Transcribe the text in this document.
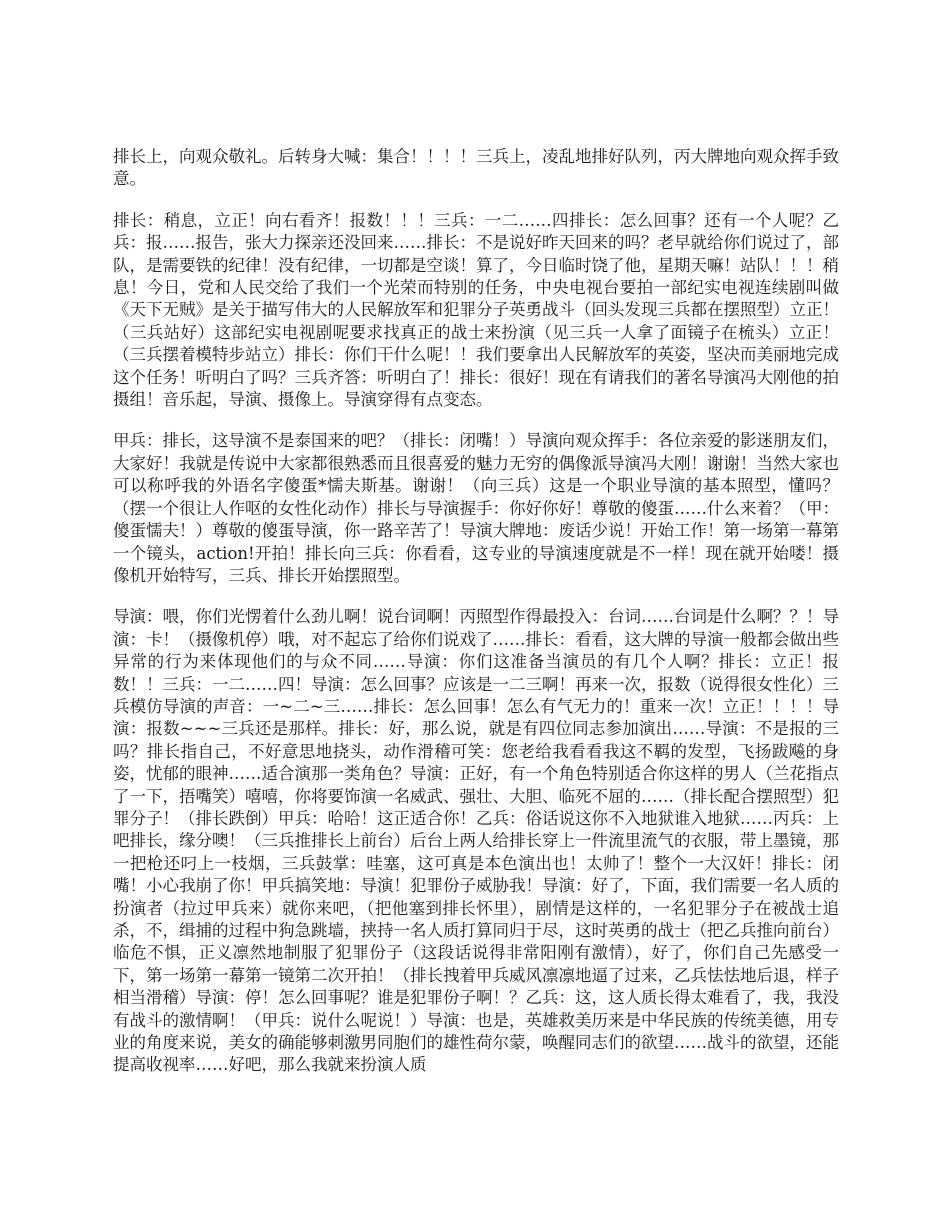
排长上，向观众敬礼。后转身大喊：集合！！！！三兵上，凌乱地排好队列，丙大牌地向观众挥手致意。

排长：稍息，立正！向右看齐！报数！！！三兵：一二……四排长：怎么回事？还有一个人呢？乙兵：报……报告，张大力探亲还没回来……排长：不是说好昨天回来的吗？老早就给你们说过了，部队，是需要铁的纪律！没有纪律，一切都是空谈！算了，今日临时饶了他，星期天嘛！站队！！！稍息！今日，党和人民交给了我们一个光荣而特别的任务，中央电视台要拍一部纪实电视连续剧叫做《天下无贼》是关于描写伟大的人民解放军和犯罪分子英勇战斗（回头发现三兵都在摆照型）立正！（三兵站好）这部纪实电视剧呢要求找真正的战士来扮演（见三兵一人拿了面镜子在梳头）立正！（三兵摆着模特步站立）排长：你们干什么呢！！我们要拿出人民解放军的英姿，坚决而美丽地完成这个任务！听明白了吗？三兵齐答：听明白了！排长：很好！现在有请我们的著名导演冯大刚他的拍摄组！音乐起，导演、摄像上。导演穿得有点变态。

甲兵：排长，这导演不是泰国来的吧？（排长：闭嘴！）导演向观众挥手：各位亲爱的影迷朋友们，大家好！我就是传说中大家都很熟悉而且很喜爱的魅力无穷的偶像派导演冯大刚！谢谢！当然大家也可以称呼我的外语名字傻蛋*懦夫斯基。谢谢！（向三兵）这是一个职业导演的基本照型，懂吗？（摆一个很让人作呕的女性化动作）排长与导演握手：你好你好！尊敬的傻蛋……什么来着？（甲：傻蛋懦夫！）尊敬的傻蛋导演，你一路辛苦了！导演大牌地：废话少说！开始工作！第一场第一幕第一个镜头，action!开拍！排长向三兵：你看看，这专业的导演速度就是不一样！现在就开始喽！摄像机开始特写，三兵、排长开始摆照型。

导演：喂，你们光愣着什么劲儿啊！说台词啊！丙照型作得最投入：台词……台词是什么啊？？！导演：卡！（摄像机停）哦，对不起忘了给你们说戏了……排长：看看，这大牌的导演一般都会做出些异常的行为来体现他们的与众不同……导演：你们这准备当演员的有几个人啊？排长：立正！报数！！三兵：一二……四！导演：怎么回事？应该是一二三啊！再来一次，报数（说得很女性化）三兵模仿导演的声音：一~二~三……排长：怎么回事！怎么有气无力的！重来一次！立正！！！！导演：报数~~~三兵还是那样。排长：好，那么说，就是有四位同志参加演出……导演：不是报的三吗？排长指自己，不好意思地挠头，动作滑稽可笑：您老给我看看我这不羁的发型，飞扬跋飚的身姿，忧郁的眼神……适合演那一类角色？导演：正好，有一个角色特别适合你这样的男人（兰花指点了一下，捂嘴笑）嘻嘻，你将要饰演一名威武、强壮、大胆、临死不屈的……（排长配合摆照型）犯罪分子！（排长跌倒）甲兵：哈哈！这正适合你！乙兵：俗话说这你不入地狱谁入地狱……丙兵：上吧排长，缘分噢！（三兵推排长上前台）后台上两人给排长穿上一件流里流气的衣服，带上墨镜，那一把枪还叼上一枝烟，三兵鼓掌：哇塞，这可真是本色演出也！太帅了！整个一大汉奸！排长：闭嘴！小心我崩了你！甲兵搞笑地：导演！犯罪份子威胁我！导演：好了，下面，我们需要一名人质的扮演者（拉过甲兵来）就你来吧，（把他塞到排长怀里），剧情是这样的，一名犯罪分子在被战士追杀，不，缉捕的过程中狗急跳墙，挟持一名人质打算同归于尽，这时英勇的战士（把乙兵推向前台）临危不惧，正义凛然地制服了犯罪份子（这段话说得非常阳刚有激情），好了，你们自己先感受一下，第一场第一幕第一镜第二次开拍！（排长拽着甲兵威风凛凛地逼了过来，乙兵怯怯地后退，样子相当滑稽）导演：停！怎么回事呢？谁是犯罪份子啊！？乙兵：这，这人质长得太难看了，我，我没有战斗的激情啊！（甲兵：说什么呢说！）导演：也是，英雄救美历来是中华民族的传统美德，用专业的角度来说，美女的确能够刺激男同胞们的雄性荷尔蒙，唤醒同志们的欲望……战斗的欲望，还能提高收视率……好吧，那么我就来扮演人质
